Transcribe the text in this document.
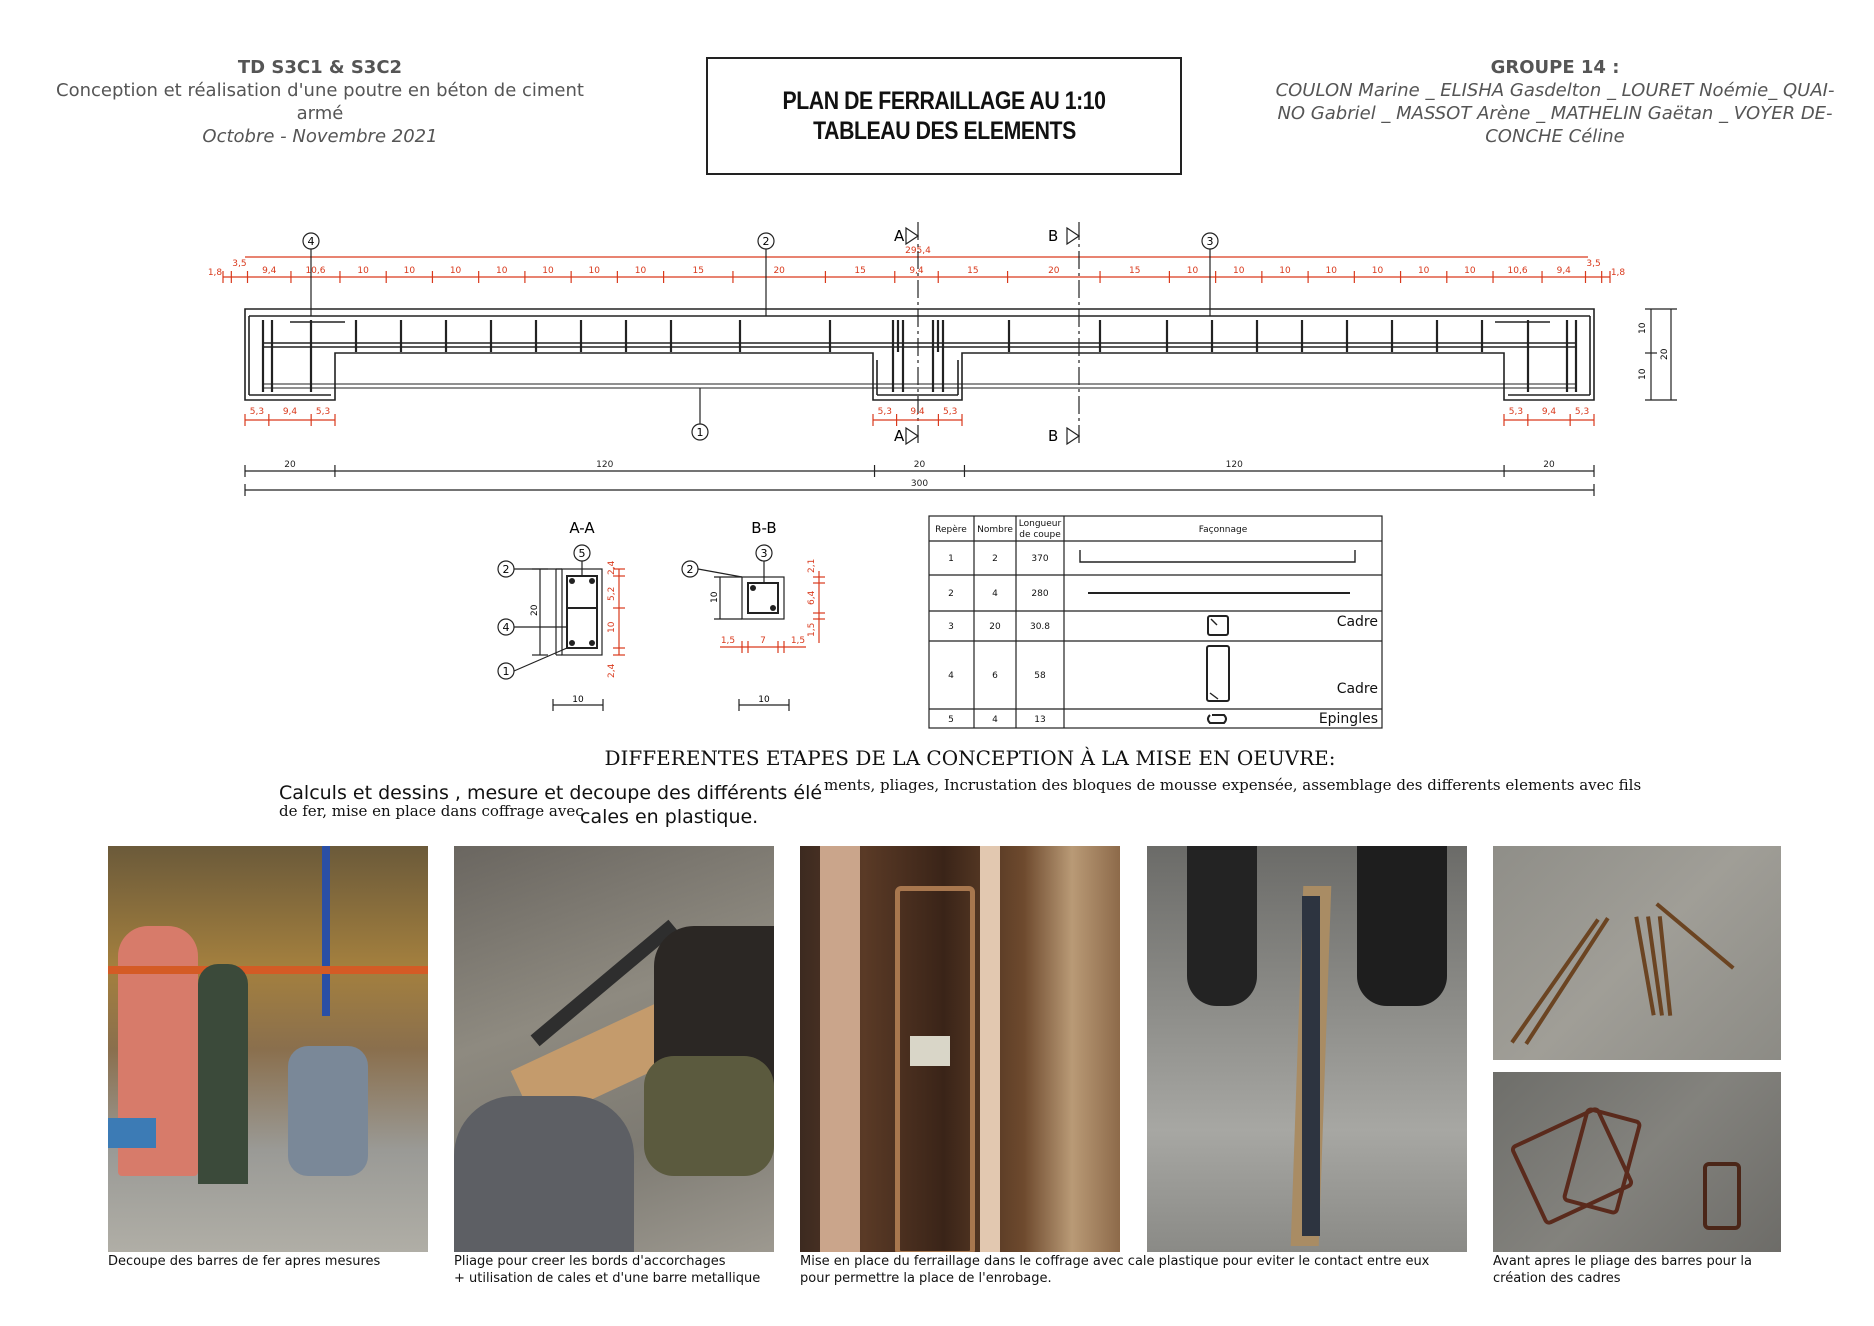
TD S3C1 & S3C2
Conception et réalisation d'une poutre en béton de ciment
armé
Octobre - Novembre 2021
PLAN DE FERRAILLAGE AU 1:10
TABLEAU DES ELEMENTS
GROUPE 14 :
COULON Marine _ ELISHA Gasdelton _ LOURET Noémie_ QUAI-
NO Gabriel _ MASSOT Arène _ MATHELIN Gaëtan _ VOYER DE-
CONCHE Céline
1,8
3,5
9,4	10,6	10	10	10	10	10	10	10	15	20	15	9,4	15	20	15	10	10	10	10	10	10	10	10,6	9,4
3,5
1,8
295,4
A
A
B
B
4	2	3
1
5,3 9,4 5,3	5,3 9,4 5,3	5,3 9,4 5,3
10
10
20
20	120	20	120	20
300
A-A	B-B
5
2
4
1
3
2
20
10
10
10
2,4
5,2
10
2,4
2,1
6,4
1,5
1,5	7	1,5
Repère Nombre
Longueur
de coupe	Façonnage
1	2	370
2	4	280
3	20	30.8
4	6	58
5	4	13
Cadre
Cadre
Epingles
DIFFERENTES ETAPES DE LA CONCEPTION À LA MISE EN OEUVRE:
Calculs et dessins , mesure et decoupe des différents élé ments, pliages, Incrustation des bloques de mousse expensée, assemblage des differents elements avec fils
de fer, mise en place dans coffrage avec
cales en plastique.
Decoupe des barres de fer apres mesures	Pliage pour creer les bords d'accorchages
+ utilisation de cales et d'une barre metallique
Mise en place du ferraillage dans le coffrage avec cale plastique pour eviter le contact entre eux
pour permettre la place de l'enrobage.
Avant apres le pliage des barres pour la
création des cadres
